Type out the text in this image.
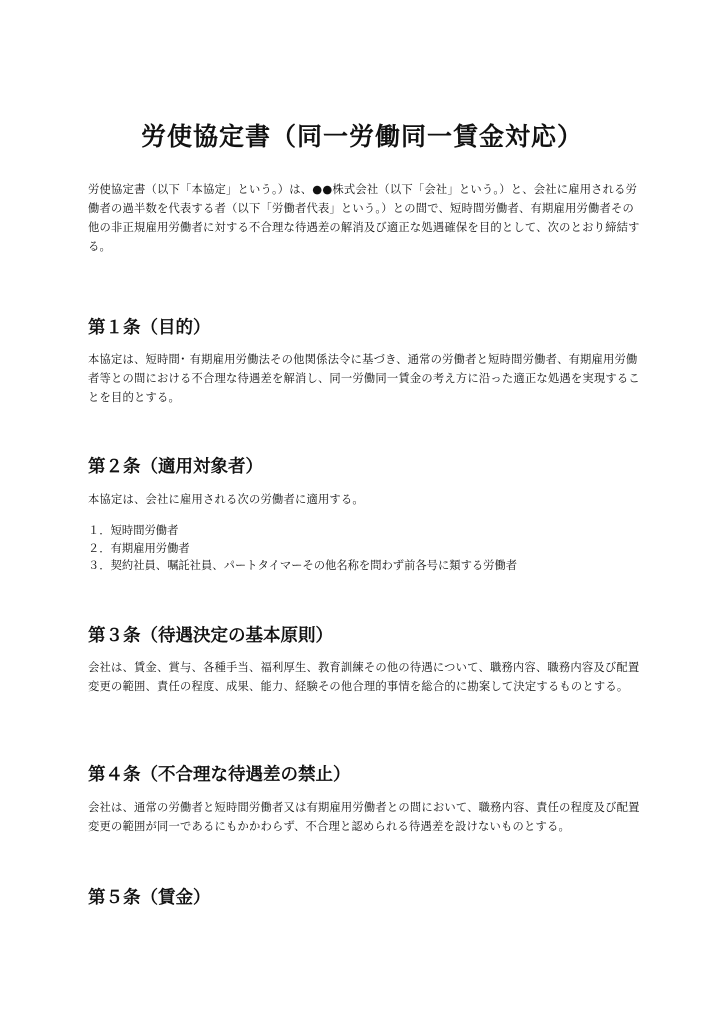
労使協定書（同一労働同一賃金対応）

労使協定書（以下「本協定」という。）は、●●株式会社（以下「会社」という。）と、会社に雇用される労働者の過半数を代表する者（以下「労働者代表」という。）との間で、短時間労働者、有期雇用労働者その他の非正規雇用労働者に対する不合理な待遇差の解消及び適正な処遇確保を目的として、次のとおり締結する。

第１条（目的）

本協定は、短時間･ 有期雇用労働法その他関係法令に基づき、通常の労働者と短時間労働者、有期雇用労働者等との間における不合理な待遇差を解消し、同一労働同一賃金の考え方に沿った適正な処遇を実現することを目的とする。

第２条（適用対象者）

本協定は、会社に雇用される次の労働者に適用する。

１．短時間労働者
２．有期雇用労働者
３．契約社員、嘱託社員、パートタイマーその他名称を問わず前各号に類する労働者
第３条（待遇決定の基本原則）

会社は、賃金、賞与、各種手当、福利厚生、教育訓練その他の待遇について、職務内容、職務内容及び配置変更の範囲、責任の程度、成果、能力、経験その他合理的事情を総合的に勘案して決定するものとする。

第４条（不合理な待遇差の禁止）

会社は、通常の労働者と短時間労働者又は有期雇用労働者との間において、職務内容、責任の程度及び配置変更の範囲が同一であるにもかかわらず、不合理と認められる待遇差を設けないものとする。

第５条（賃金）
